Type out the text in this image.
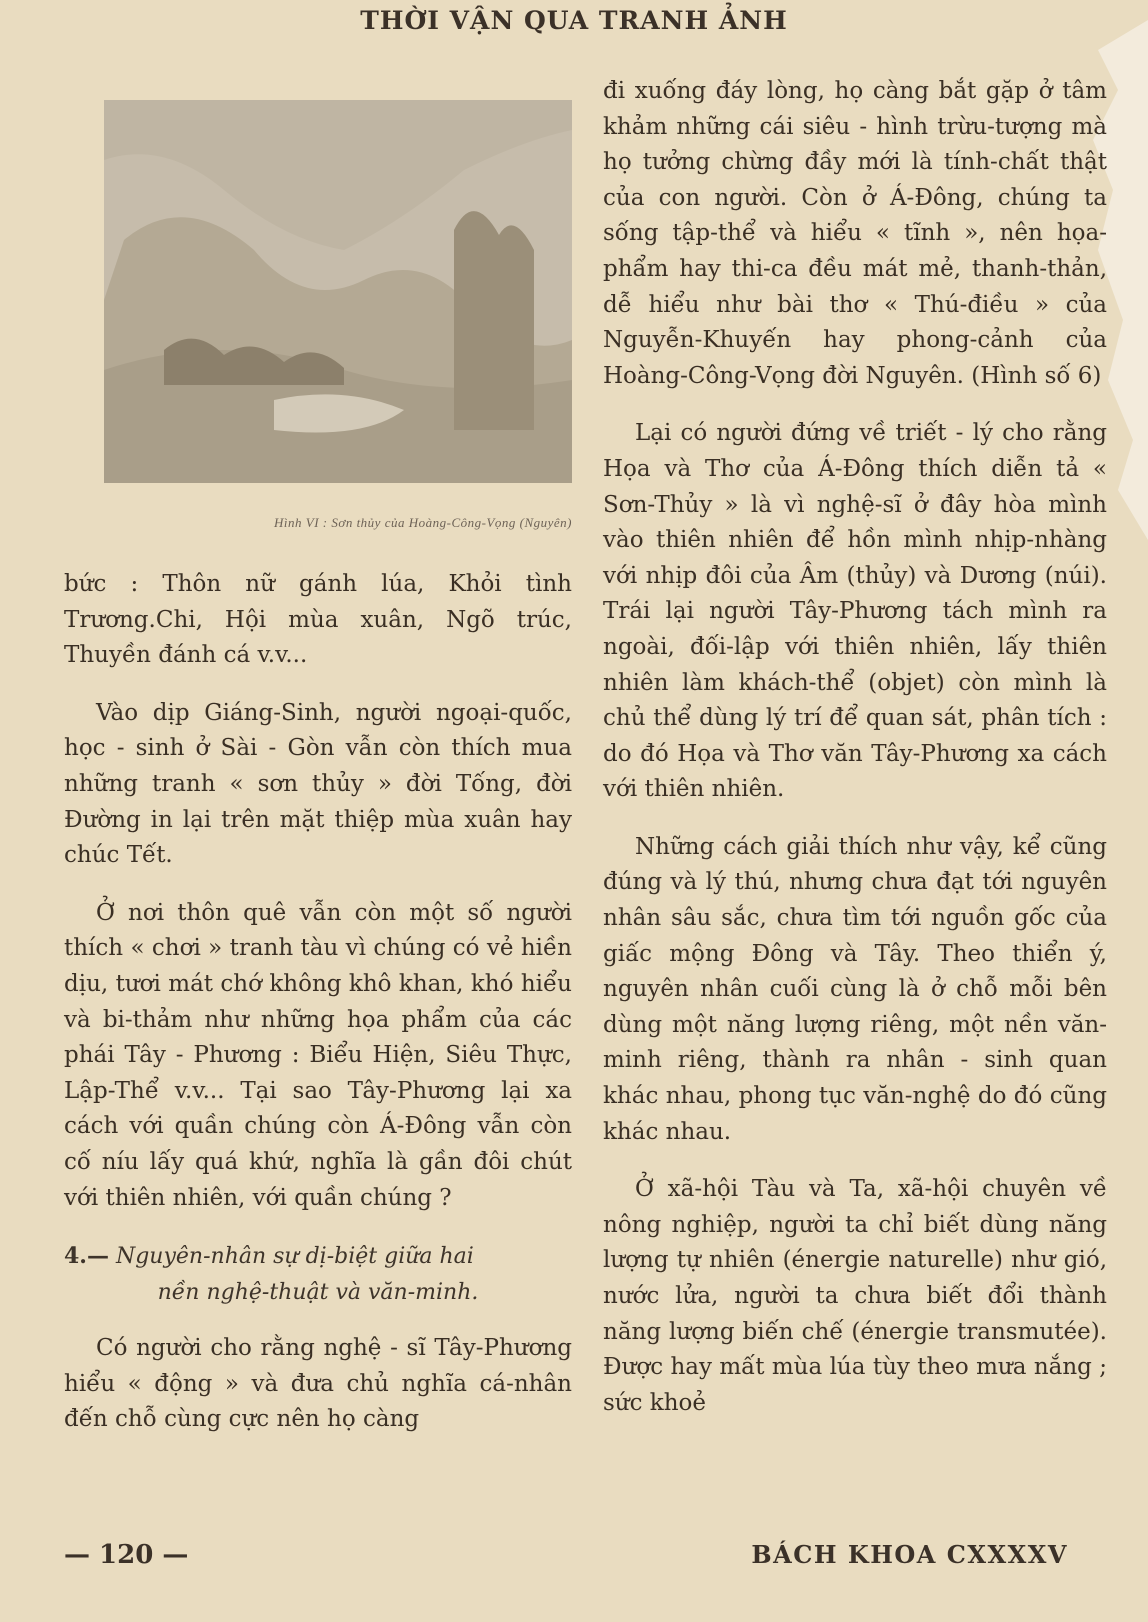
THỜI VẬN QUA TRANH ẢNH
Hình VI : Sơn thủy của Hoàng-Công-Vọng (Nguyên)

bức : Thôn nữ gánh lúa, Khỏi tình Trương.Chi, Hội mùa xuân, Ngõ trúc, Thuyền đánh cá v.v...

Vào dịp Giáng-Sinh, người ngoại-quốc, học - sinh ở Sài - Gòn vẫn còn thích mua những tranh « sơn thủy » đời Tống, đời Đường in lại trên mặt thiệp mùa xuân hay chúc Tết.

Ở nơi thôn quê vẫn còn một số người thích « chơi » tranh tàu vì chúng có vẻ hiền dịu, tươi mát chớ không khô khan, khó hiểu và bi-thảm như những họa phẩm của các phái Tây - Phương : Biểu Hiện, Siêu Thực, Lập-Thể v.v... Tại sao Tây-Phương lại xa cách với quần chúng còn Á-Đông vẫn còn cố níu lấy quá khứ, nghĩa là gần đôi chút với thiên nhiên, với quần chúng ?

4.— Nguyên-nhân sự dị-biệt giữa hai
nền nghệ-thuật và văn-minh.

Có người cho rằng nghệ - sĩ Tây-Phương hiểu « động » và đưa chủ nghĩa cá-nhân đến chỗ cùng cực nên họ càng

đi xuống đáy lòng, họ càng bắt gặp ở tâm khảm những cái siêu - hình trừu-tượng mà họ tưởng chừng đầy mới là tính-chất thật của con người. Còn ở Á-Đông, chúng ta sống tập-thể và hiểu « tĩnh », nên họa-phẩm hay thi-ca đều mát mẻ, thanh-thản, dễ hiểu như bài thơ « Thú-điều » của Nguyễn-Khuyến hay phong-cảnh của Hoàng-Công-Vọng đời Nguyên. (Hình số 6)

Lại có người đứng về triết - lý cho rằng Họa và Thơ của Á-Đông thích diễn tả « Sơn-Thủy » là vì nghệ-sĩ ở đây hòa mình vào thiên nhiên để hồn mình nhịp-nhàng với nhịp đôi của Âm (thủy) và Dương (núi). Trái lại người Tây-Phương tách mình ra ngoài, đối-lập với thiên nhiên, lấy thiên nhiên làm khách-thể (objet) còn mình là chủ thể dùng lý trí để quan sát, phân tích : do đó Họa và Thơ văn Tây-Phương xa cách với thiên nhiên.

Những cách giải thích như vậy, kể cũng đúng và lý thú, nhưng chưa đạt tới nguyên nhân sâu sắc, chưa tìm tới nguồn gốc của giấc mộng Đông và Tây. Theo thiển ý, nguyên nhân cuối cùng là ở chỗ mỗi bên dùng một năng lượng riêng, một nền văn-minh riêng, thành ra nhân - sinh quan khác nhau, phong tục văn-nghệ do đó cũng khác nhau.

Ở xã-hội Tàu và Ta, xã-hội chuyên về nông nghiệp, người ta chỉ biết dùng năng lượng tự nhiên (énergie naturelle) như gió, nước lửa, người ta chưa biết đổi thành năng lượng biến chế (énergie transmutée). Được hay mất mùa lúa tùy theo mưa nắng ; sức khoẻ

— 120 —	BÁCH KHOA CXXXXV
